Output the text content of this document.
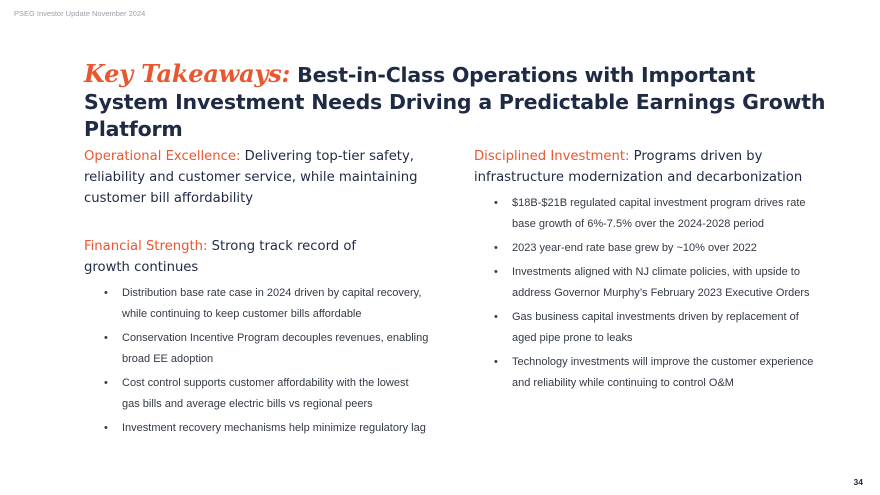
PSEG Investor Update November 2024
Key Takeaways: Best-in-Class Operations with Important System Investment Needs Driving a Predictable Earnings Growth Platform
Operational Excellence: Delivering top-tier safety, reliability and customer service, while maintaining customer bill affordability
Financial Strength: Strong track record of growth continues
• Distribution base rate case in 2024 driven by capital recovery, while continuing to keep customer bills affordable
• Conservation Incentive Program decouples revenues, enabling broad EE adoption
• Cost control supports customer affordability with the lowest gas bills and average electric bills vs regional peers
• Investment recovery mechanisms help minimize regulatory lag
Disciplined Investment: Programs driven by infrastructure modernization and decarbonization
• $18B-$21B regulated capital investment program drives rate base growth of 6%-7.5% over the 2024-2028 period
• 2023 year-end rate base grew by ~10% over 2022
• Investments aligned with NJ climate policies, with upside to address Governor Murphy’s February 2023 Executive Orders
• Gas business capital investments driven by replacement of aged pipe prone to leaks
• Technology investments will improve the customer experience and reliability while continuing to control O&M
34
